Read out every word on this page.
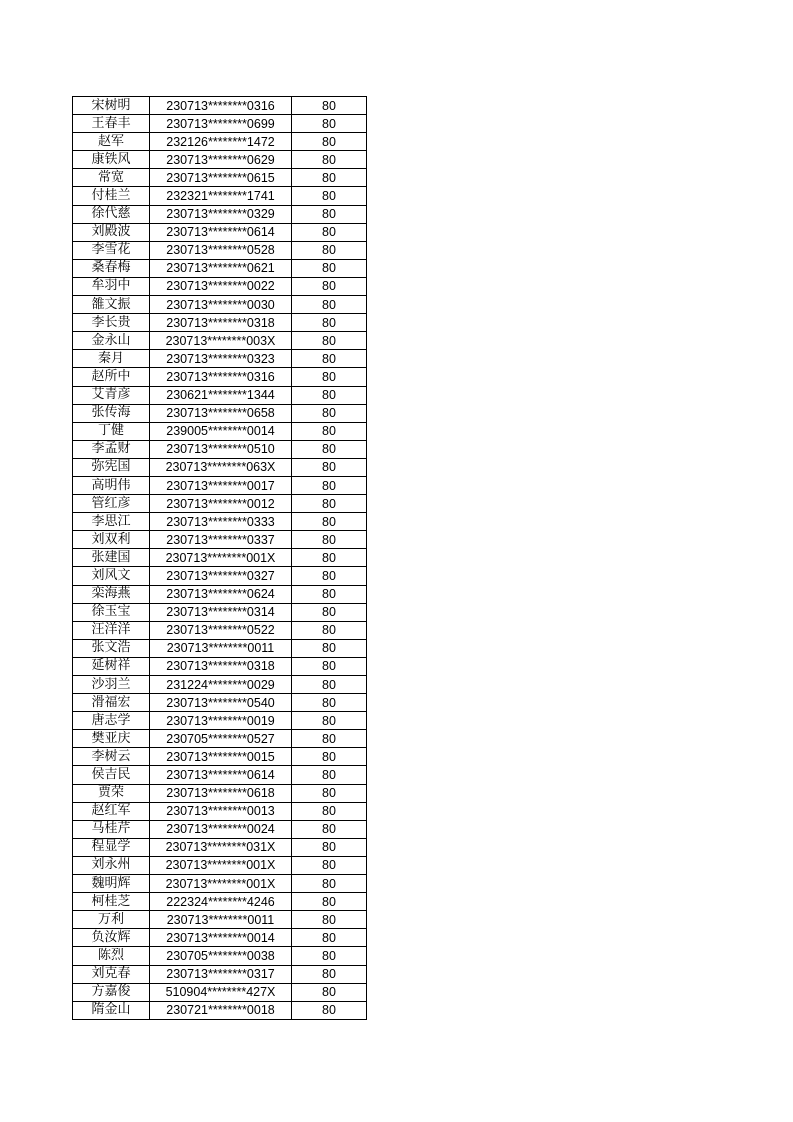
宋树明	230713********0316	80
王春丰	230713********0699	80
赵军	232126********1472	80
康铁风	230713********0629	80
常宽	230713********0615	80
付桂兰	232321********1741	80
徐代慈	230713********0329	80
刘殿波	230713********0614	80
李雪花	230713********0528	80
桑春梅	230713********0621	80
牟羽中	230713********0022	80
雒文振	230713********0030	80
李长贵	230713********0318	80
金永山	230713********003X	80
秦月	230713********0323	80
赵所中	230713********0316	80
艾青彦	230621********1344	80
张传海	230713********0658	80
丁健	239005********0014	80
李孟财	230713********0510	80
弥宪国	230713********063X	80
高明伟	230713********0017	80
管红彦	230713********0012	80
李思江	230713********0333	80
刘双利	230713********0337	80
张建国	230713********001X	80
刘风文	230713********0327	80
栾海燕	230713********0624	80
徐玉宝	230713********0314	80
汪洋洋	230713********0522	80
张文浩	230713********0011	80
延树祥	230713********0318	80
沙羽兰	231224********0029	80
滑福宏	230713********0540	80
唐志学	230713********0019	80
樊亚庆	230705********0527	80
李树云	230713********0015	80
侯吉民	230713********0614	80
贾荣	230713********0618	80
赵红军	230713********0013	80
马桂芹	230713********0024	80
程显学	230713********031X	80
刘永州	230713********001X	80
魏明辉	230713********001X	80
柯桂芝	222324********4246	80
万利	230713********0011	80
负汝辉	230713********0014	80
陈烈	230705********0038	80
刘克春	230713********0317	80
方嘉俊	510904********427X	80
隋金山	230721********0018	80
